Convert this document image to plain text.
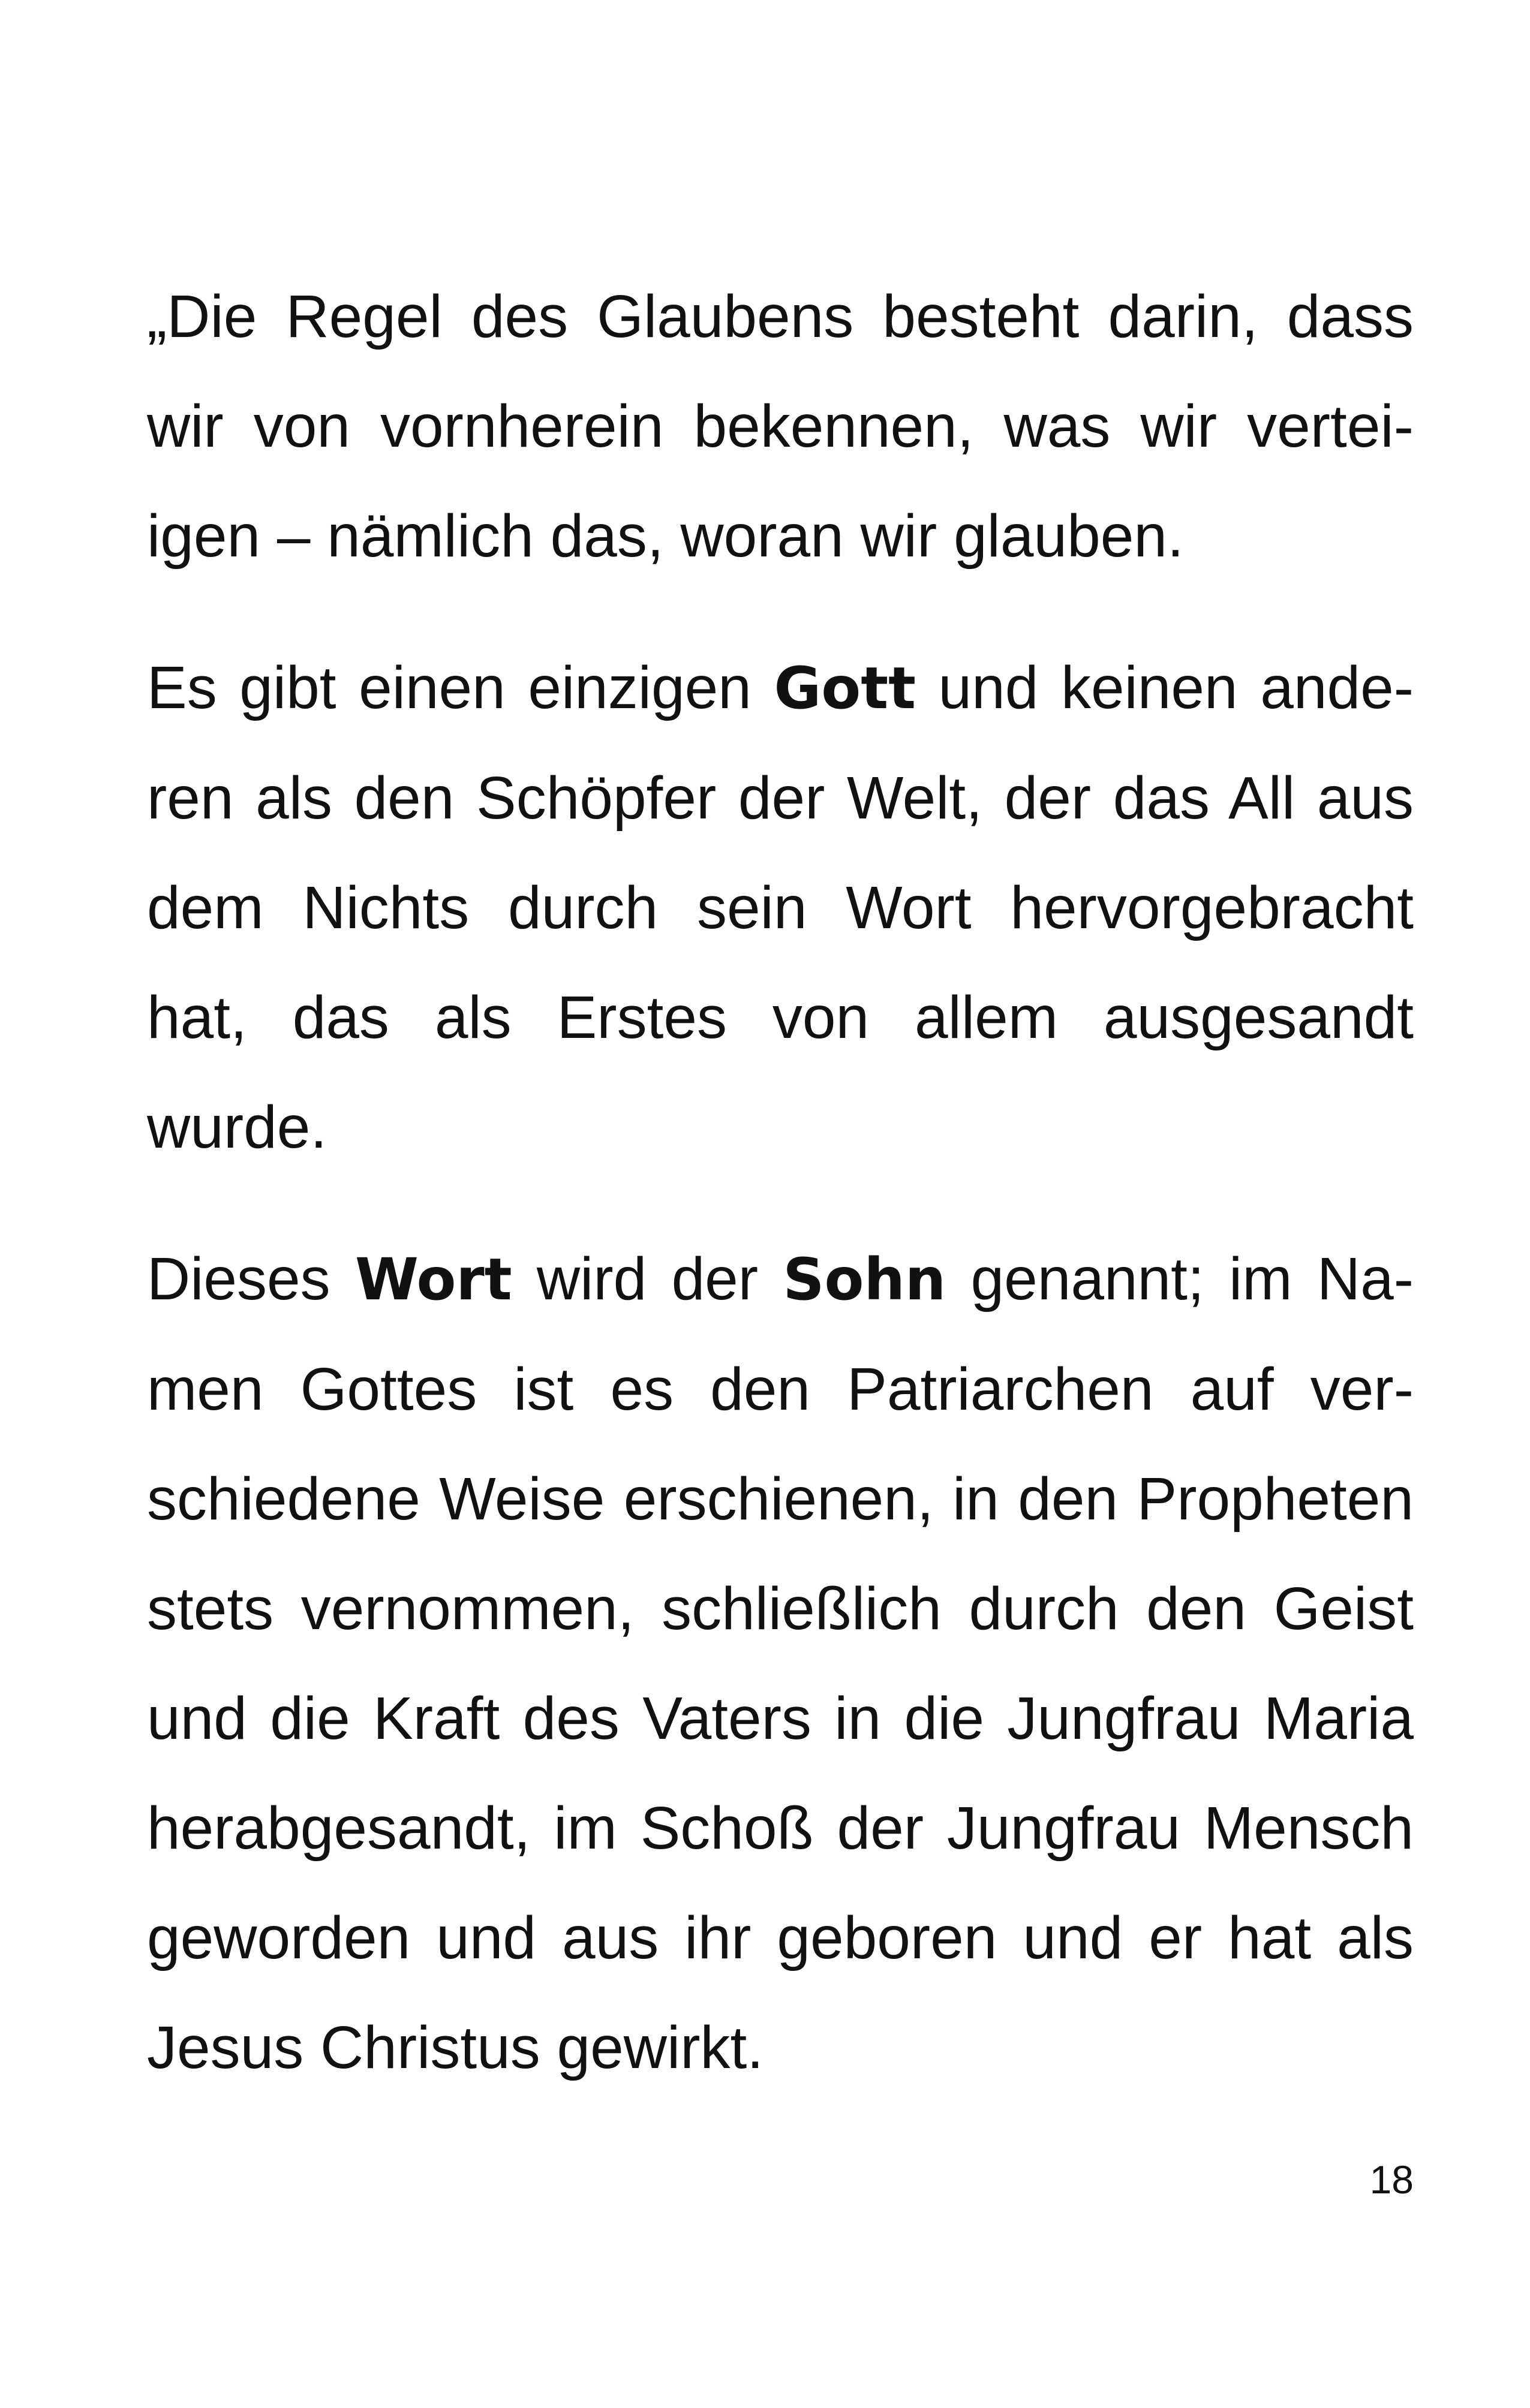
„Die Regel des Glaubens besteht darin, dass wir von vornherein bekennen, was wir verteiigen – nämlich das, woran wir glauben.

Es gibt einen einzigen Gott und keinen anderen als den Schöpfer der Welt, der das All aus dem Nichts durch sein Wort hervorgebracht hat, das als Erstes von allem ausgesandt wurde.

Dieses Wort wird der Sohn genannt; im Namen Gottes ist es den Patriarchen auf verschiedene Weise erschienen, in den Propheten stets vernommen, schließlich durch den Geist und die Kraft des Vaters in die Jungfrau Maria herabgesandt, im Schoß der Jungfrau Mensch geworden und aus ihr geboren und er hat als Jesus Christus gewirkt.

18
